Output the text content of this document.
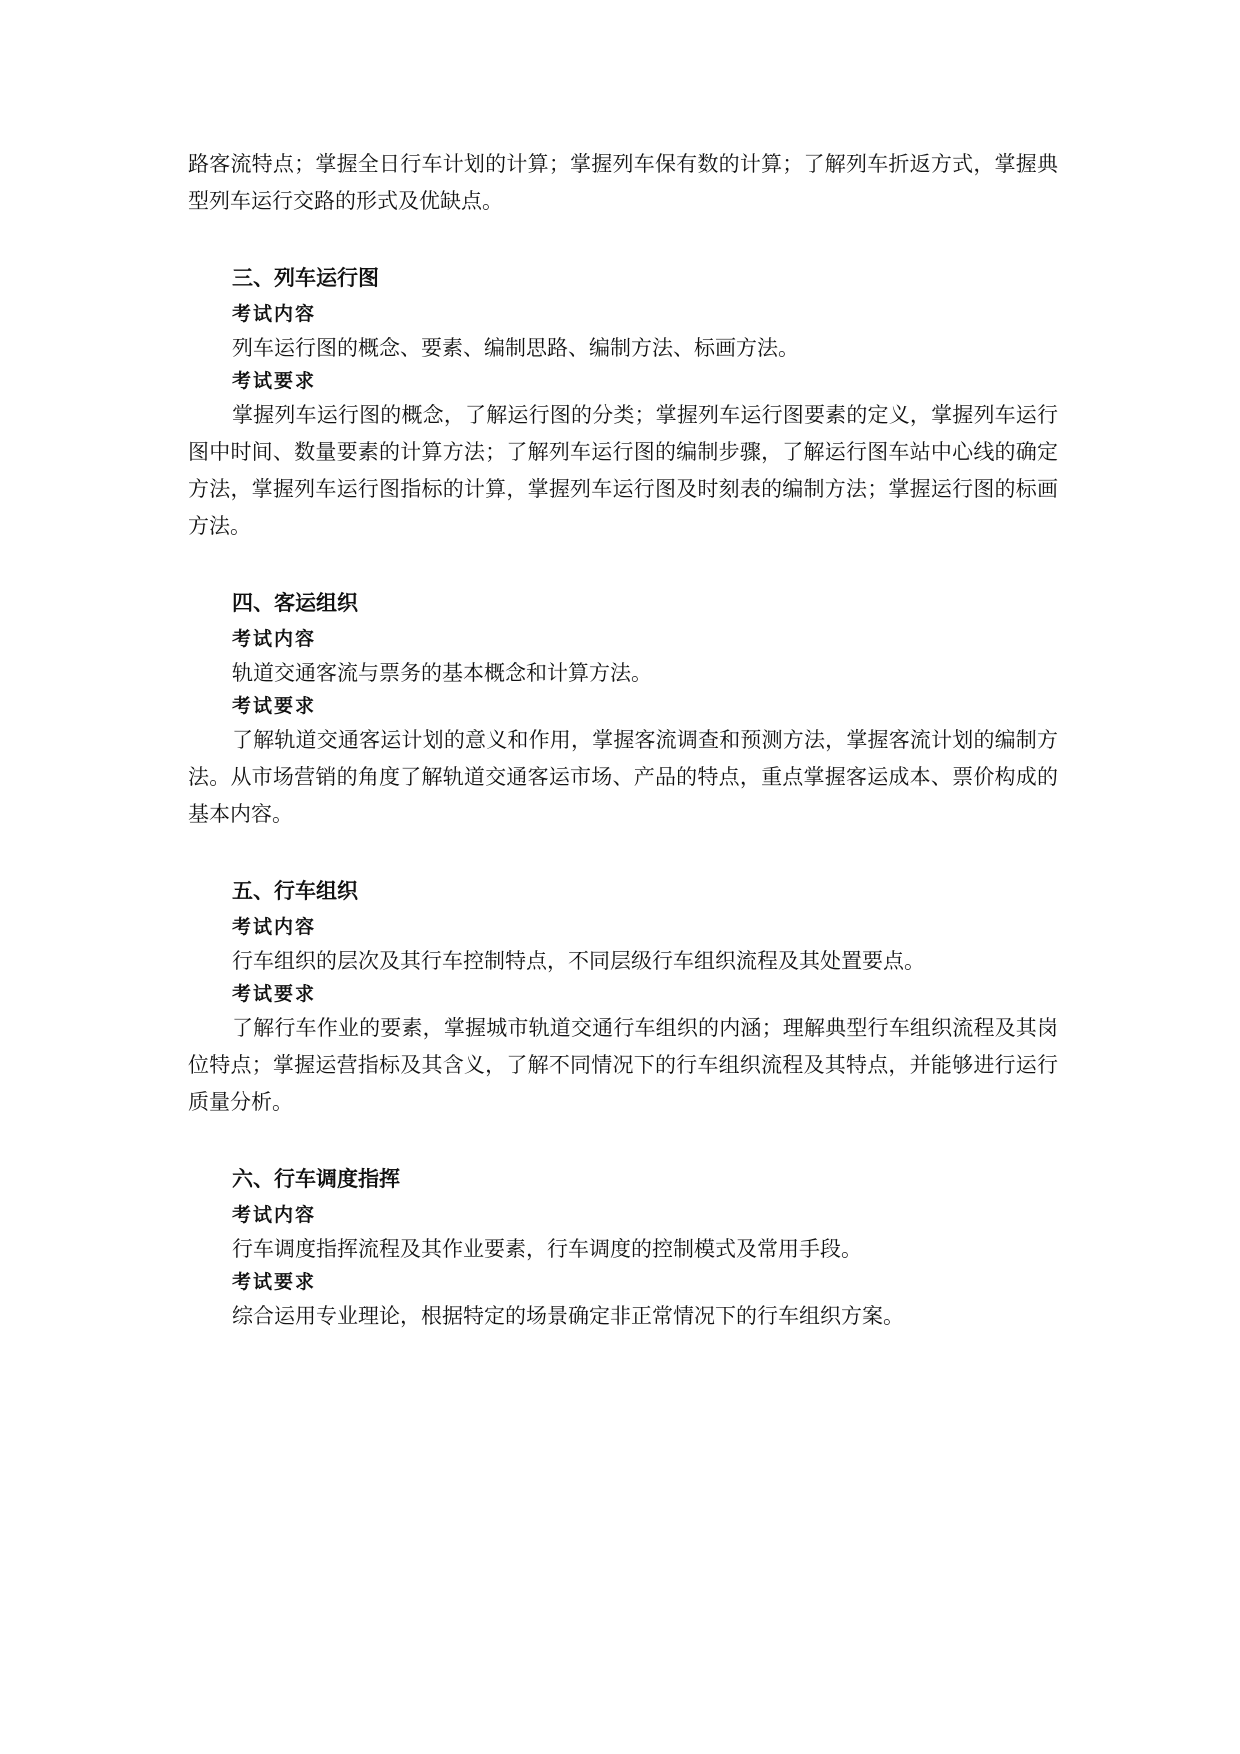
路客流特点；掌握全日行车计划的计算；掌握列车保有数的计算；了解列车折返方式，掌握典型列车运行交路的形式及优缺点。

三、列车运行图

考试内容

列车运行图的概念、要素、编制思路、编制方法、标画方法。

考试要求

掌握列车运行图的概念，了解运行图的分类；掌握列车运行图要素的定义，掌握列车运行图中时间、数量要素的计算方法；了解列车运行图的编制步骤，了解运行图车站中心线的确定方法，掌握列车运行图指标的计算，掌握列车运行图及时刻表的编制方法；掌握运行图的标画方法。

四、客运组织

考试内容

轨道交通客流与票务的基本概念和计算方法。

考试要求

了解轨道交通客运计划的意义和作用，掌握客流调查和预测方法，掌握客流计划的编制方法。从市场营销的角度了解轨道交通客运市场、产品的特点，重点掌握客运成本、票价构成的基本内容。

五、行车组织

考试内容

行车组织的层次及其行车控制特点，不同层级行车组织流程及其处置要点。

考试要求

了解行车作业的要素，掌握城市轨道交通行车组织的内涵；理解典型行车组织流程及其岗位特点；掌握运营指标及其含义，了解不同情况下的行车组织流程及其特点，并能够进行运行质量分析。

六、行车调度指挥

考试内容

行车调度指挥流程及其作业要素，行车调度的控制模式及常用手段。

考试要求

综合运用专业理论，根据特定的场景确定非正常情况下的行车组织方案。
